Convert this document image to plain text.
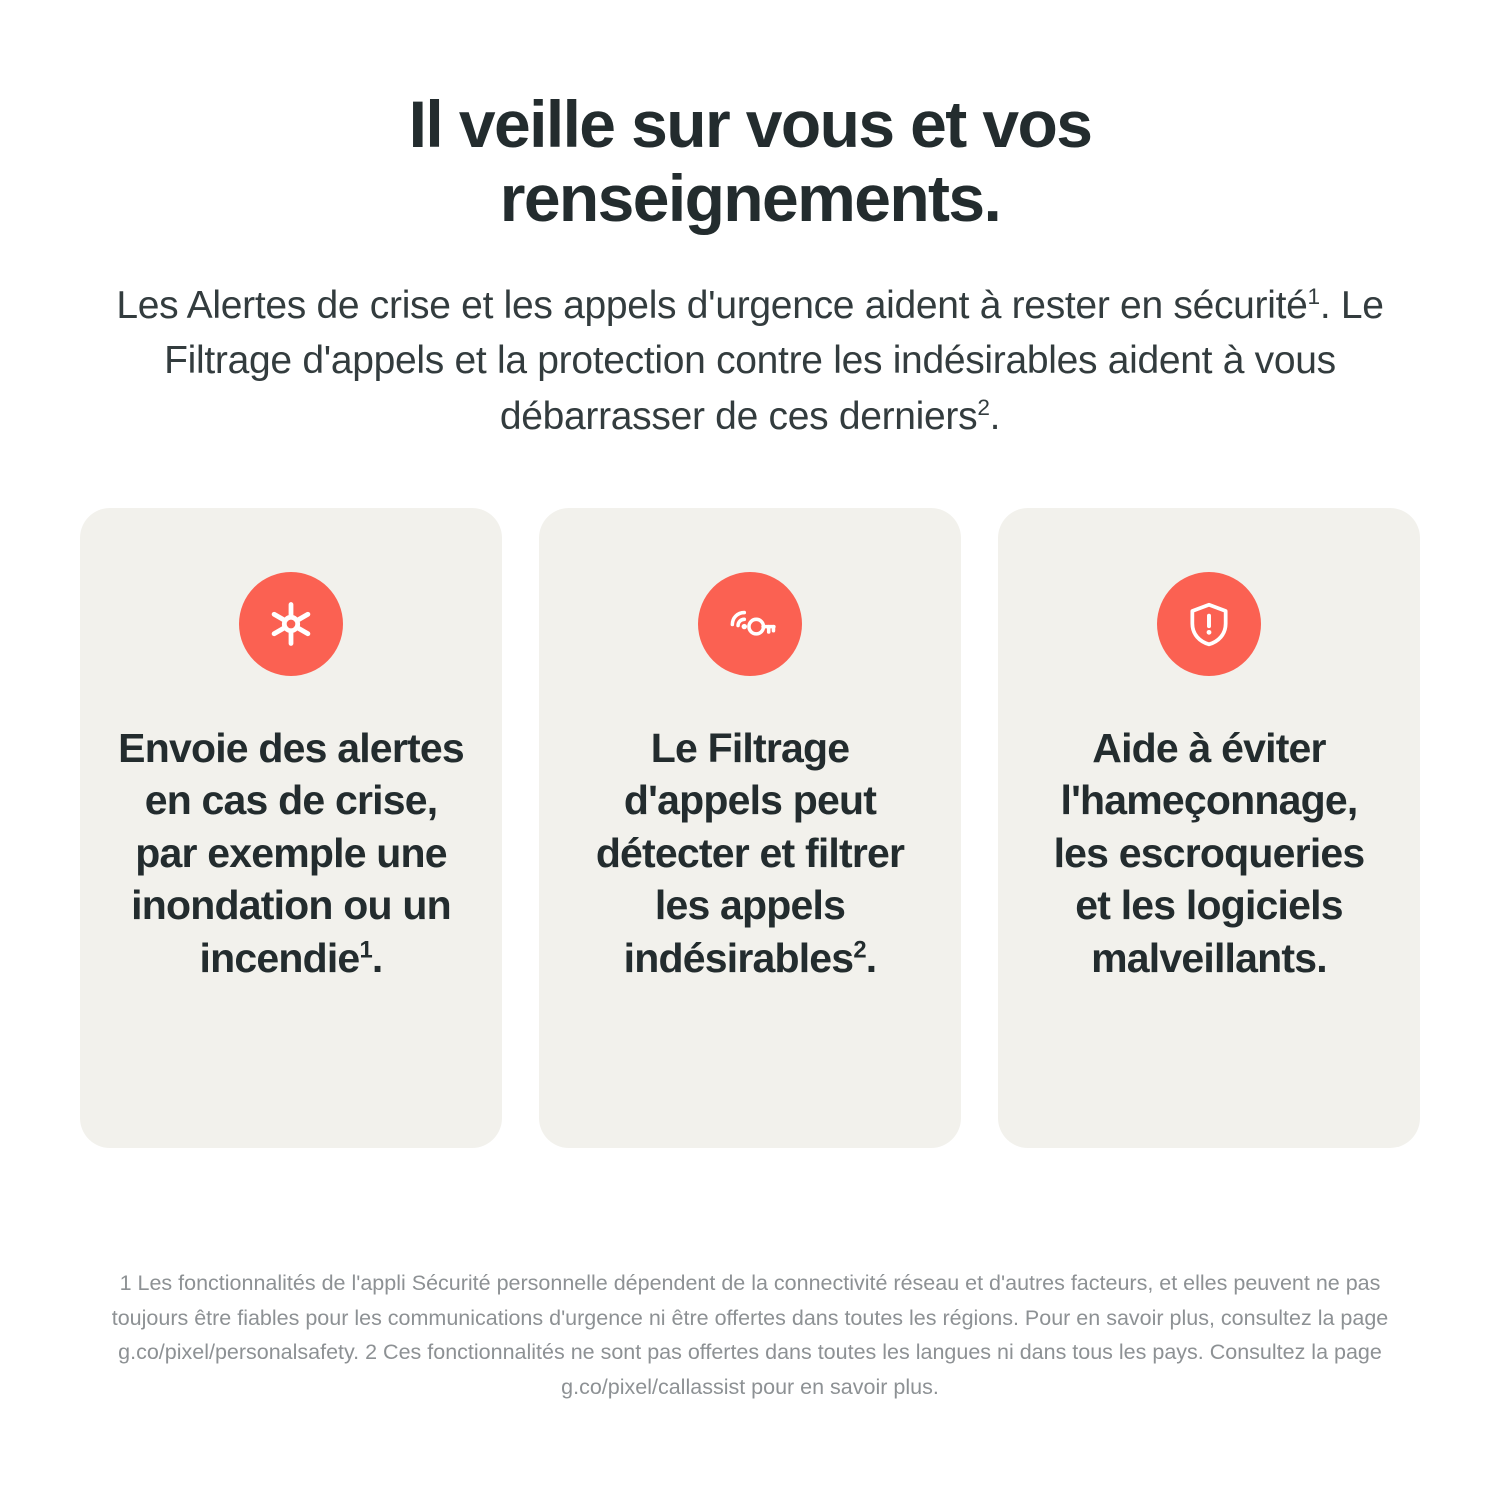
Il veille sur vous et vos renseignements.

Les Alertes de crise et les appels d'urgence aident à rester en sécurité$^1$. Le Filtrage d'appels et la protection contre les indésirables aident à vous débarrasser de ces derniers$^2$.

Envoie des alertes en cas de crise, par exemple une inondation ou un incendie$^1$.
Le Filtrage d'appels peut détecter et filtrer les appels indésirables$^2$.
Aide à éviter l'hameçonnage, les escroqueries et les logiciels malveillants.
1 Les fonctionnalités de l'appli Sécurité personnelle dépendent de la connectivité réseau et d'autres facteurs, et elles peuvent ne pas toujours être fiables pour les communications d'urgence ni être offertes dans toutes les régions. Pour en savoir plus, consultez la page g.co/pixel/personalsafety. 2 Ces fonctionnalités ne sont pas offertes dans toutes les langues ni dans tous les pays. Consultez la page g.co/pixel/callassist pour en savoir plus.
